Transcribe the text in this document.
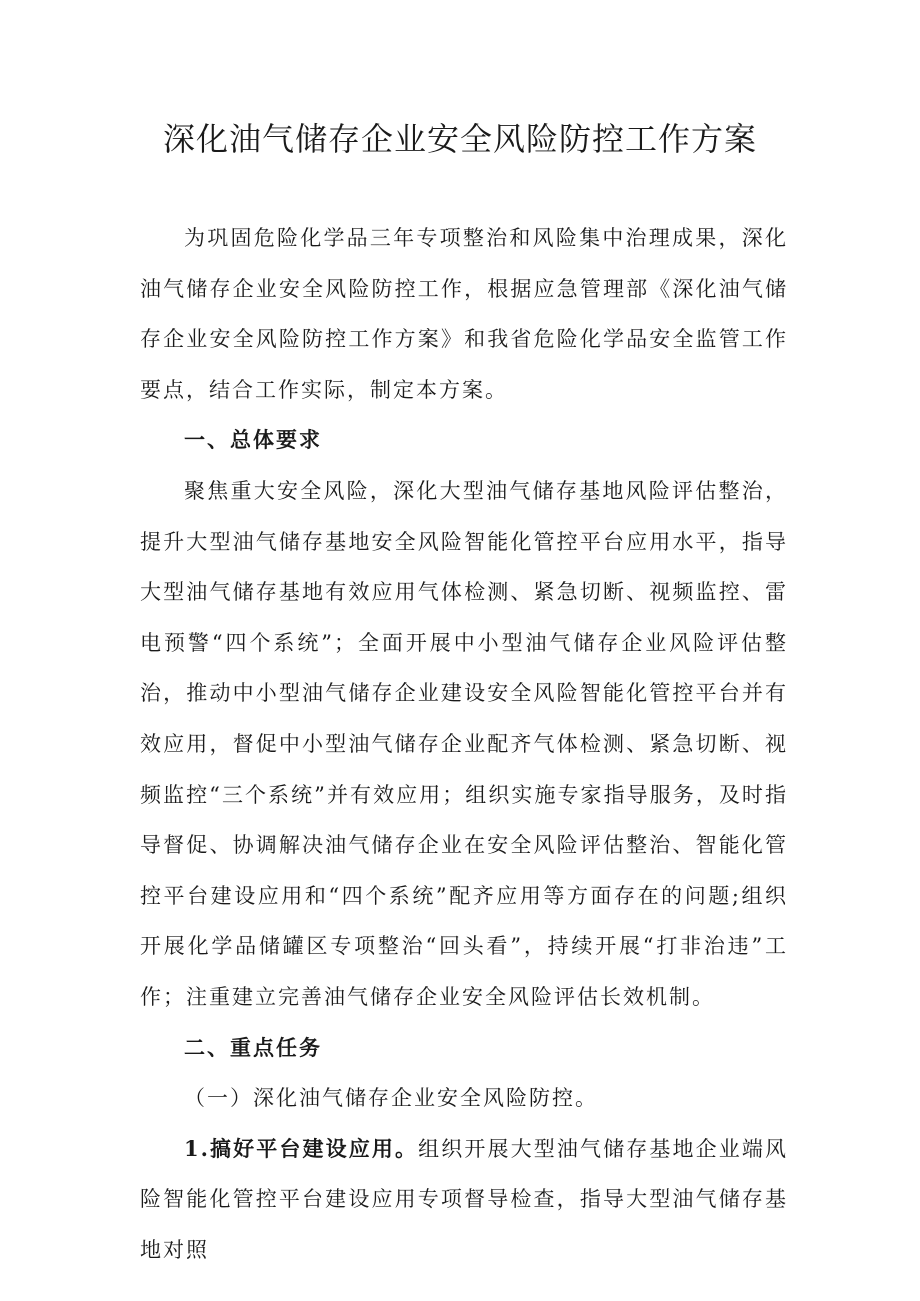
深化油气储存企业安全风险防控工作方案

为巩固危险化学品三年专项整治和风险集中治理成果，深化油气储存企业安全风险防控工作，根据应急管理部《深化油气储存企业安全风险防控工作方案》和我省危险化学品安全监管工作要点，结合工作实际，制定本方案。

一、总体要求

聚焦重大安全风险，深化大型油气储存基地风险评估整治，提升大型油气储存基地安全风险智能化管控平台应用水平，指导大型油气储存基地有效应用气体检测、紧急切断、视频监控、雷电预警“四个系统”；全面开展中小型油气储存企业风险评估整治，推动中小型油气储存企业建设安全风险智能化管控平台并有效应用，督促中小型油气储存企业配齐气体检测、紧急切断、视频监控“三个系统”并有效应用；组织实施专家指导服务，及时指导督促、协调解决油气储存企业在安全风险评估整治、智能化管控平台建设应用和“四个系统”配齐应用等方面存在的问题;组织开展化学品储罐区专项整治“回头看”，持续开展“打非治违”工作；注重建立完善油气储存企业安全风险评估长效机制。

二、重点任务

（一）深化油气储存企业安全风险防控。

1.搞好平台建设应用。组织开展大型油气储存基地企业端风险智能化管控平台建设应用专项督导检查，指导大型油气储存基地对照
